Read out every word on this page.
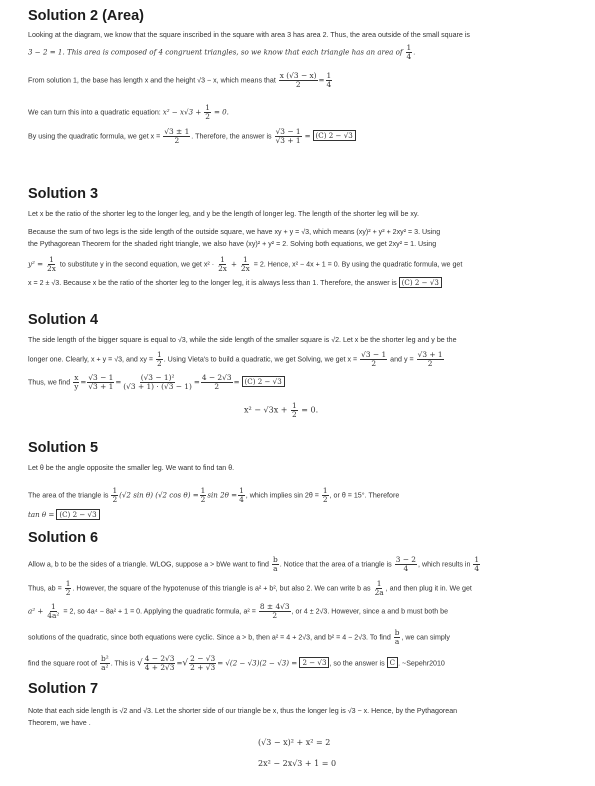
Solution 2 (Area)

Looking at the diagram, we know that the square inscribed in the square with area 3 has area 2. Thus, the area outside of the small square is

3 − 2 = 1. This area is composed of 4 congruent triangles, so we know that each triangle has an area of $\frac{1}{4}$ .

From solution 1, the base has length x and the height √3 − x, which means that $\frac{x (√3 - x)}{2} = \frac{1}{4}$

We can turn this into a quadratic equation: $x^2 - x√3 + \frac{1}{2} = 0$.

By using the quadratic formula, we get $x = \frac{√3 \pm 1}{2}$ . Therefore, the answer is $\frac{√3 - 1}{√3 + 1} = (C) 2 - √3$

Solution 3

Let x be the ratio of the shorter leg to the longer leg, and y be the length of longer leg. The length of the shorter leg will be xy.

Because the sum of two legs is the side length of the outside square, we have xy + y = √3, which means (xy)² + y² + 2xy² = 3. Using

the Pythagorean Theorem for the shaded right triangle, we also have (xy)² + y² = 2. Solving both equations, we get 2xy² = 1. Using

$y^2 = \frac{1}{2x}$ to substitute y in the second equation, we get $x^2 \cdot \frac{1}{2x} + \frac{1}{2x} = 2$. Hence, x² − 4x + 1 = 0. By using the quadratic formula, we get

x = 2 ± √3. Because x be the ratio of the shorter leg to the longer leg, it is always less than 1. Therefore, the answer is (C) 2 − √3

Solution 4

The side length of the bigger square is equal to √3, while the side length of the smaller square is √2. Let x be the shorter leg and y be the

longer one. Clearly, x + y = √3, and xy = $\frac{1}{2}$ . Using Vieta's to build a quadratic, we get Solving, we get $x = \frac{√3 - 1}{2}$ and $y = \frac{√3 + 1}{2}$

Thus, we find $\frac{x}{y} = \frac{√3 - 1}{√3 + 1} = \frac{\text{(√3 − 1)²}}{(√3 + 1) \cdot (√3 - 1)} = \frac{4 - 2√3}{2} = (C) 2 - √3$

$x^2 - √3x + \frac{1}{2} = 0$.

Solution 5

Let θ be the angle opposite the smaller leg. We want to find tan θ.

The area of the triangle is $\frac{1}{2} (√2$ sin θ) (√2 $\cos \theta) = \frac{1}{2}$ $\sin 2\theta = \frac{1}{4}$ , which implies $\sin 2\theta = \frac{1}{2}$ , or θ = 15°. Therefore

tan θ = (C) 2 − √3

Solution 6

Allow a, b to be the sides of a triangle. WLOG, suppose a > bWe want to find $\frac{b}{a}$ . Notice that the area of a triangle is $\frac{3 - 2}{4}$ , which results in $\frac{1}{4}$

Thus, ab = $\frac{1}{2}$ . However, the square of the hypotenuse of this triangle is a² + b², but also 2. We can write b as $\frac{1}{2a}$ , and then plug it in. We get

$a^2 + \frac{1}{\text{4a²}} = 2$, so 4a⁴ − 8a² + 1 = 0. Applying the quadratic formula, $a^2 = \frac{8 \pm 4√3}{2}$ , or 4 ± 2√3. However, since a and b must both be

solutions of the quadratic, since both equations were cyclic. Since a > b, then a² = 4 + 2√3, and b² = 4 − 2√3. To find $\frac{b}{a}$ , we can simply

find the square root of $\frac{\text{b²}}{\text{a²}}$ . This is √ $\frac{4 - 2√3}{4 + 2√3}$ =√ $\frac{2 - √3}{2 + √3} = √(2 - √3)(2 - √3) = 2 - √3$ , so the answer is C . ~Sepehr2010

Solution 7

Note that each side length is √2 and √3. Let the shorter side of our triangle be x, thus the longer leg is √3 − x. Hence, by the Pythagorean

Theorem, we have .

(√3 − x)² + x² = 2

2x² − 2x√3 + 1 = 0
